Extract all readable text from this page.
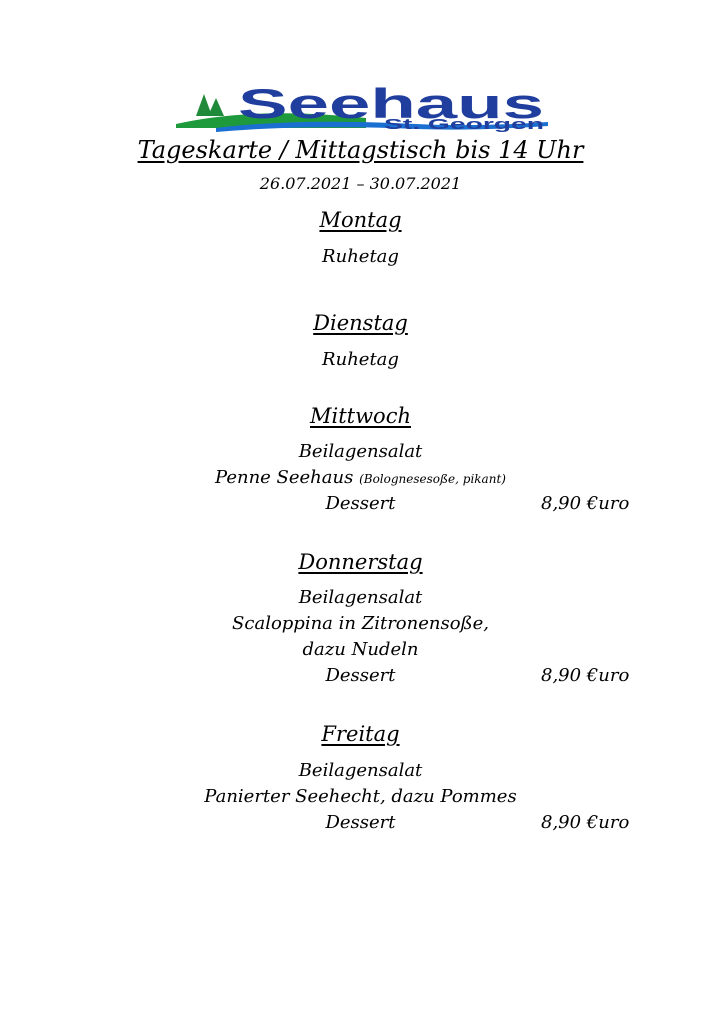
Seehaus
St. Georgen
Tageskarte / Mittagstisch bis 14 Uhr
26.07.2021 – 30.07.2021
Montag
Ruhetag
Dienstag
Ruhetag
Mittwoch
Beilagensalat
Penne Seehaus (Bolognesesoße, pikant)
Dessert	8,90 €uro
Donnerstag
Beilagensalat
Scaloppina in Zitronensoße,
dazu Nudeln
Dessert	8,90 €uro
Freitag
Beilagensalat
Panierter Seehecht, dazu Pommes
Dessert	8,90 €uro
